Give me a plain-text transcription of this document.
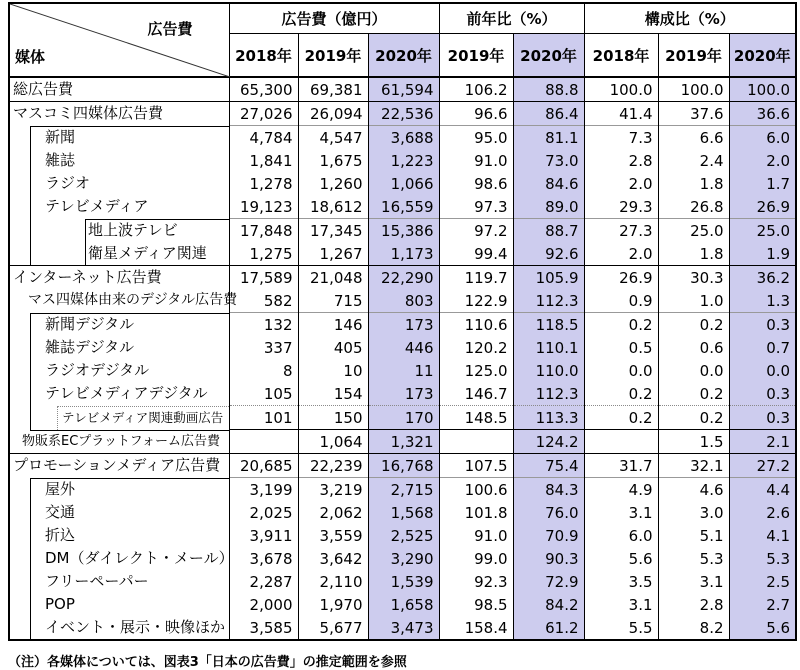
広告費
媒体	広告費（億円）			前年比（%）		構成比（%）		
	2018年	2019年	2020年	2019年	2020年	2018年	2019年	2020年

総広告費	65,300	69,381	61,594	106.2	88.8	100.0	100.0	100.0

マスコミ四媒体広告費	27,026	26,094	22,536	96.6	86.4	41.4	37.6	36.6

新聞	4,784	4,547	3,688	95.0	81.1	7.3	6.6	6.0

雑誌	1,841	1,675	1,223	91.0	73.0	2.8	2.4	2.0

ラジオ	1,278	1,260	1,066	98.6	84.6	2.0	1.8	1.7

テレビメディア	19,123	18,612	16,559	97.3	89.0	29.3	26.8	26.9

地上波テレビ	17,848	17,345	15,386	97.2	88.7	27.3	25.0	25.0

衛星メディア関連	1,275	1,267	1,173	99.4	92.6	2.0	1.8	1.9

インターネット広告費	17,589	21,048	22,290	119.7	105.9	26.9	30.3	36.2

マス四媒体由来のデジタル広告費	582	715	803	122.9	112.3	0.9	1.0	1.3

新聞デジタル	132	146	173	110.6	118.5	0.2	0.2	0.3

雑誌デジタル	337	405	446	120.2	110.1	0.5	0.6	0.7

ラジオデジタル	8	10	11	125.0	110.0	0.0	0.0	0.0

テレビメディアデジタル	105	154	173	146.7	112.3	0.2	0.2	0.3

テレビメディア関連動画広告	101	150	170	148.5	113.3	0.2	0.2	0.3

物販系ECプラットフォーム広告費		1,064	1,321		124.2		1.5	2.1

プロモーションメディア広告費	20,685	22,239	16,768	107.5	75.4	31.7	32.1	27.2

屋外	3,199	3,219	2,715	100.6	84.3	4.9	4.6	4.4

交通	2,025	2,062	1,568	101.8	76.0	3.1	3.0	2.6

折込	3,911	3,559	2,525	91.0	70.9	6.0	5.1	4.1

DM（ダイレクト・メール）	3,678	3,642	3,290	99.0	90.3	5.6	5.3	5.3

フリーペーパー	2,287	2,110	1,539	92.3	72.9	3.5	3.1	2.5

POP	2,000	1,970	1,658	98.5	84.2	3.1	2.8	2.7

イベント・展示・映像ほか	3,585	5,677	3,473	158.4	61.2	5.5	8.2	5.6
（注）各媒体については、図表3「日本の広告費」の推定範囲を参照
